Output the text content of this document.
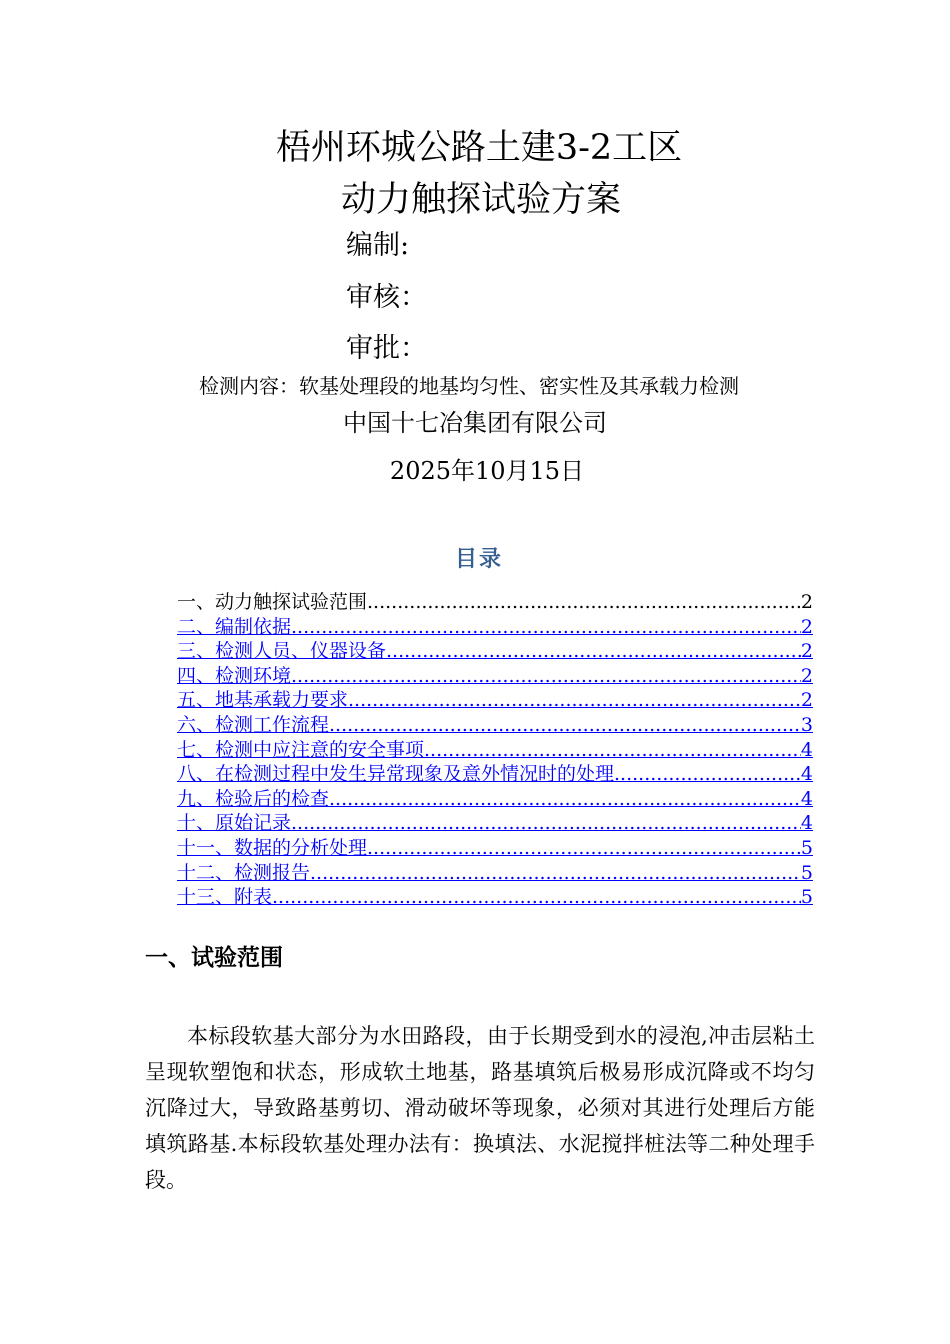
梧州环城公路土建3-2工区
动力触探试验方案
编制:
审核：
审批：
检测内容：软基处理段的地基均匀性、密实性及其承载力检测
中国十七冶集团有限公司
2025年10月15日
目录
一、动力触探试验范围 .....	2
二、编制依据 .....	2
三、检测人员、仪器设备 .....	2
四、检测环境 .....	2
五、地基承载力要求 .....	2
六、检测工作流程 .....	3
七、检测中应注意的安全事项 .....	4
八、在检测过程中发生异常现象及意外情况时的处理 .....	4
九、检验后的检查 .....	4
十、原始记录 .....	4
十一、数据的分析处理 .....	5
十二、检测报告 .....	5
十三、附表 .....	5
一、试验范围

本标段软基大部分为水田路段，由于长期受到水的浸泡,冲击层粘土呈现软塑饱和状态，形成软土地基，路基填筑后极易形成沉降或不均匀沉降过大，导致路基剪切、滑动破坏等现象，必须对其进行处理后方能填筑路基.本标段软基处理办法有：换填法、水泥搅拌桩法等二种处理手段。
